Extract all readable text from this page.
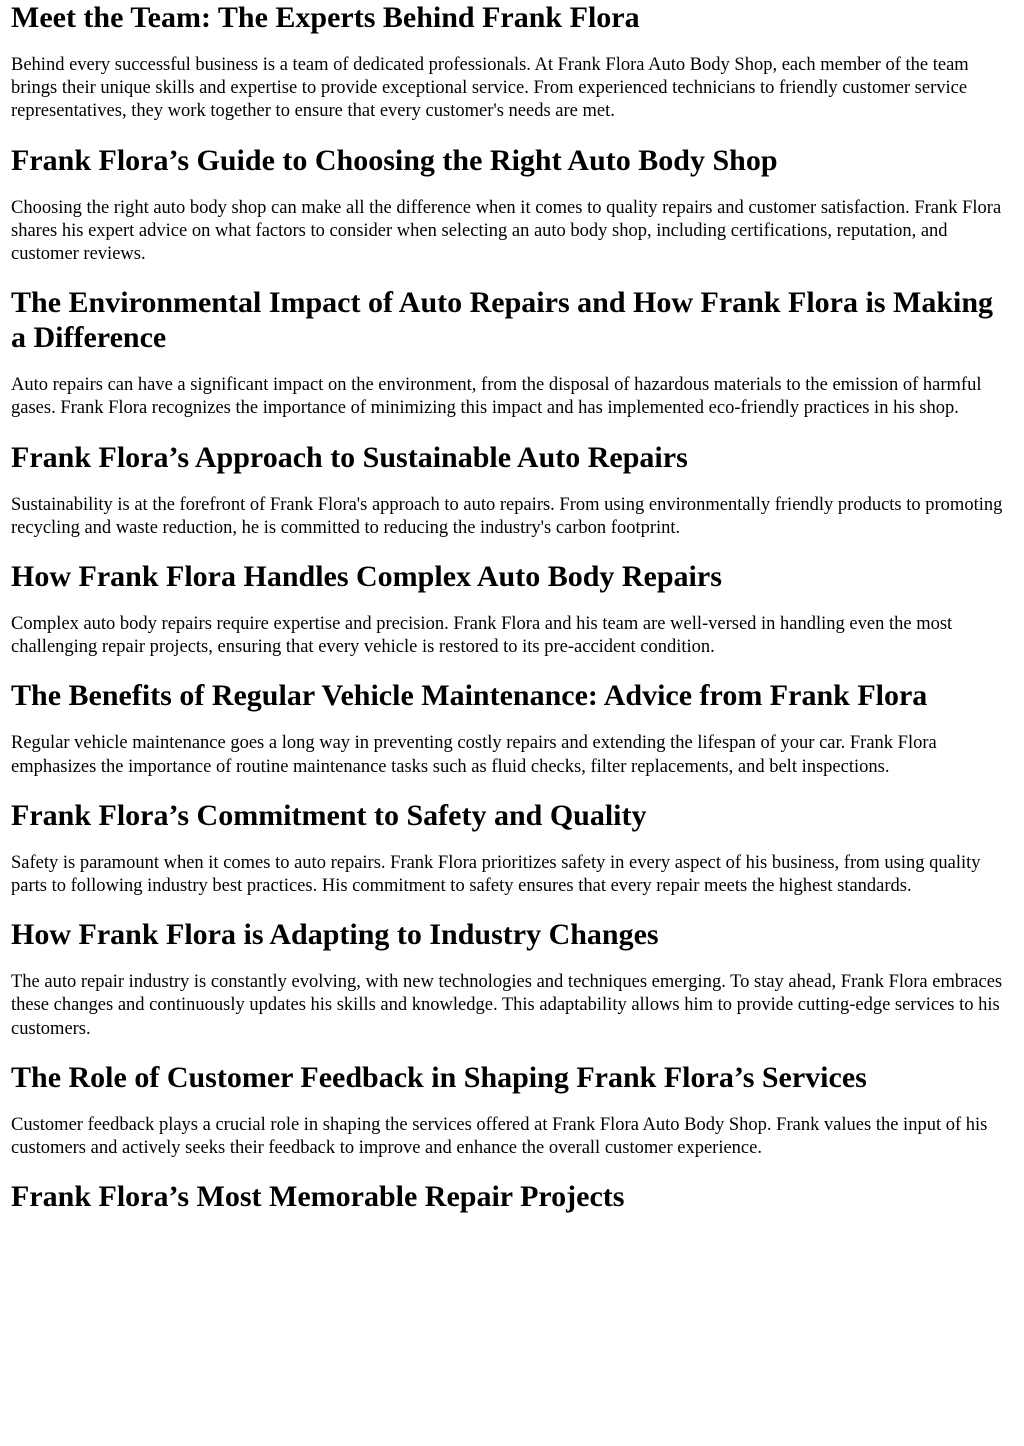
Meet the Team: The Experts Behind Frank Flora

Behind every successful business is a team of dedicated professionals. At Frank Flora Auto Body Shop, each member of the team brings their unique skills and expertise to provide exceptional service. From experienced technicians to friendly customer service representatives, they work together to ensure that every customer's needs are met.

Frank Flora’s Guide to Choosing the Right Auto Body Shop

Choosing the right auto body shop can make all the difference when it comes to quality repairs and customer satisfaction. Frank Flora shares his expert advice on what factors to consider when selecting an auto body shop, including certifications, reputation, and customer reviews.

The Environmental Impact of Auto Repairs and How Frank Flora is Making a Difference

Auto repairs can have a significant impact on the environment, from the disposal of hazardous materials to the emission of harmful gases. Frank Flora recognizes the importance of minimizing this impact and has implemented eco-friendly practices in his shop.

Frank Flora’s Approach to Sustainable Auto Repairs

Sustainability is at the forefront of Frank Flora's approach to auto repairs. From using environmentally friendly products to promoting recycling and waste reduction, he is committed to reducing the industry's carbon footprint.

How Frank Flora Handles Complex Auto Body Repairs

Complex auto body repairs require expertise and precision. Frank Flora and his team are well-versed in handling even the most challenging repair projects, ensuring that every vehicle is restored to its pre-accident condition.

The Benefits of Regular Vehicle Maintenance: Advice from Frank Flora

Regular vehicle maintenance goes a long way in preventing costly repairs and extending the lifespan of your car. Frank Flora emphasizes the importance of routine maintenance tasks such as fluid checks, filter replacements, and belt inspections.

Frank Flora’s Commitment to Safety and Quality

Safety is paramount when it comes to auto repairs. Frank Flora prioritizes safety in every aspect of his business, from using quality parts to following industry best practices. His commitment to safety ensures that every repair meets the highest standards.

How Frank Flora is Adapting to Industry Changes

The auto repair industry is constantly evolving, with new technologies and techniques emerging. To stay ahead, Frank Flora embraces these changes and continuously updates his skills and knowledge. This adaptability allows him to provide cutting-edge services to his customers.

The Role of Customer Feedback in Shaping Frank Flora’s Services

Customer feedback plays a crucial role in shaping the services offered at Frank Flora Auto Body Shop. Frank values the input of his customers and actively seeks their feedback to improve and enhance the overall customer experience.

Frank Flora’s Most Memorable Repair Projects
